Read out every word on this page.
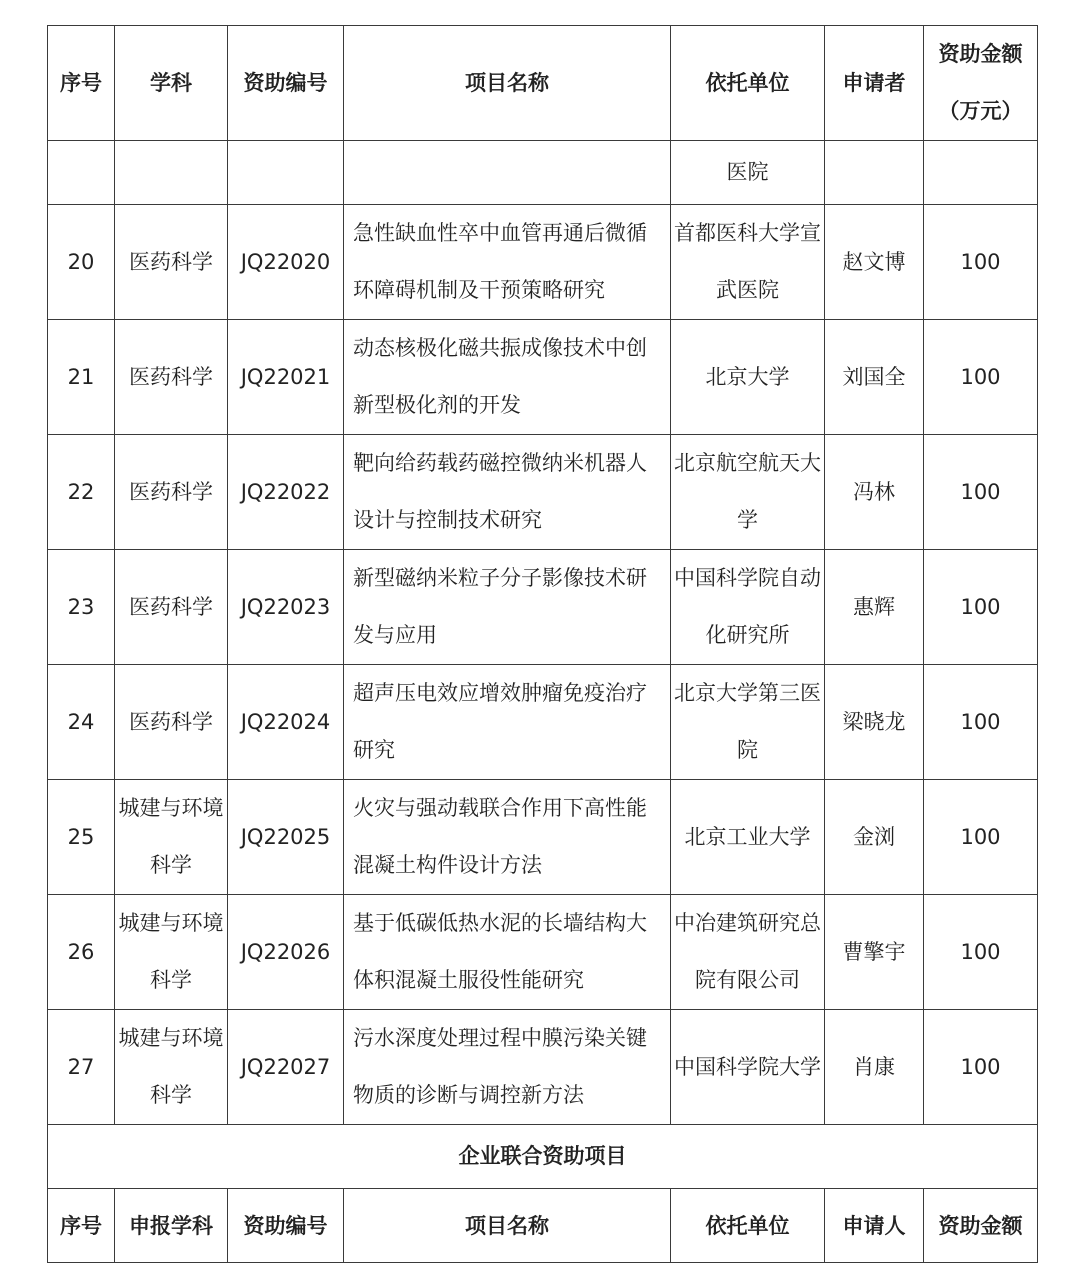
序号	学科	资助编号	项目名称	依托单位	申请者	资助金额
（万元）
				医院		
20	医药科学	JQ22020	急性缺血性卒中血管再通后微循环障碍机制及干预策略研究	首都医科大学宣武医院	赵文博	100
21	医药科学	JQ22021	动态核极化磁共振成像技术中创新型极化剂的开发	北京大学	刘国全	100
22	医药科学	JQ22022	靶向给药载药磁控微纳米机器人设计与控制技术研究	北京航空航天大学	冯林	100
23	医药科学	JQ22023	新型磁纳米粒子分子影像技术研发与应用	中国科学院自动化研究所	惠辉	100
24	医药科学	JQ22024	超声压电效应增效肿瘤免疫治疗研究	北京大学第三医院	梁晓龙	100
25	城建与环境科学	JQ22025	火灾与强动载联合作用下高性能混凝土构件设计方法	北京工业大学	金浏	100
26	城建与环境科学	JQ22026	基于低碳低热水泥的长墙结构大体积混凝土服役性能研究	中冶建筑研究总院有限公司	曹擎宇	100
27	城建与环境科学	JQ22027	污水深度处理过程中膜污染关键物质的诊断与调控新方法	中国科学院大学	肖康	100
企业联合资助项目						
序号	申报学科	资助编号	项目名称	依托单位	申请人	资助金额
